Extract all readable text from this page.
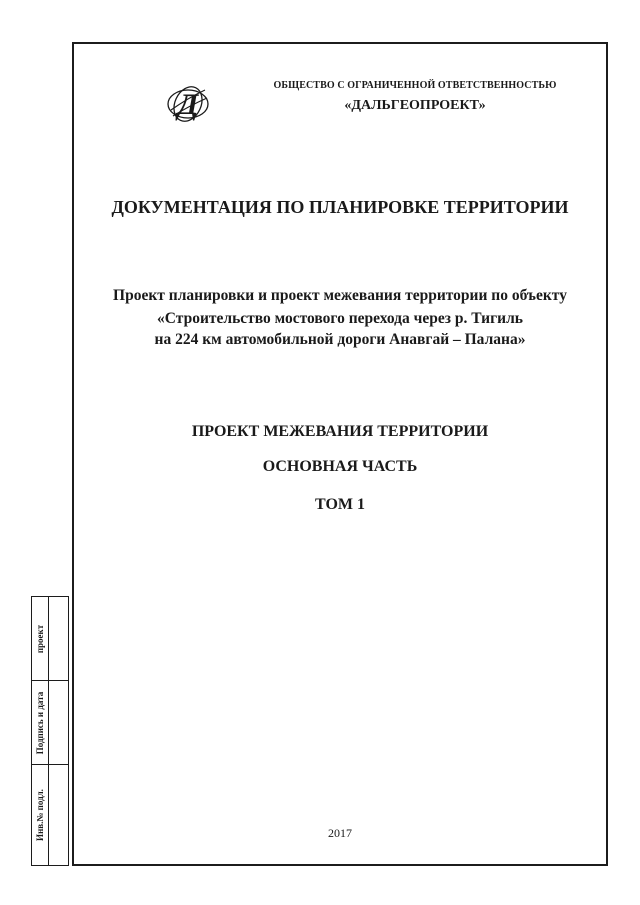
Д
ОБЩЕСТВО С ОГРАНИЧЕННОЙ ОТВЕТСТВЕННОСТЬЮ
«ДАЛЬГЕОПРОЕКТ»
ДОКУМЕНТАЦИЯ ПО ПЛАНИРОВКЕ ТЕРРИТОРИИ
Проект планировки и проект межевания территории по объекту
«Строительство мостового перехода через р. Тигиль
на 224 км автомобильной дороги Анавгай – Палана»
ПРОЕКТ МЕЖЕВАНИЯ ТЕРРИТОРИИ
ОСНОВНАЯ ЧАСТЬ
ТОМ 1
2017
проект
Подпись и дата
Инв.№ подл.
